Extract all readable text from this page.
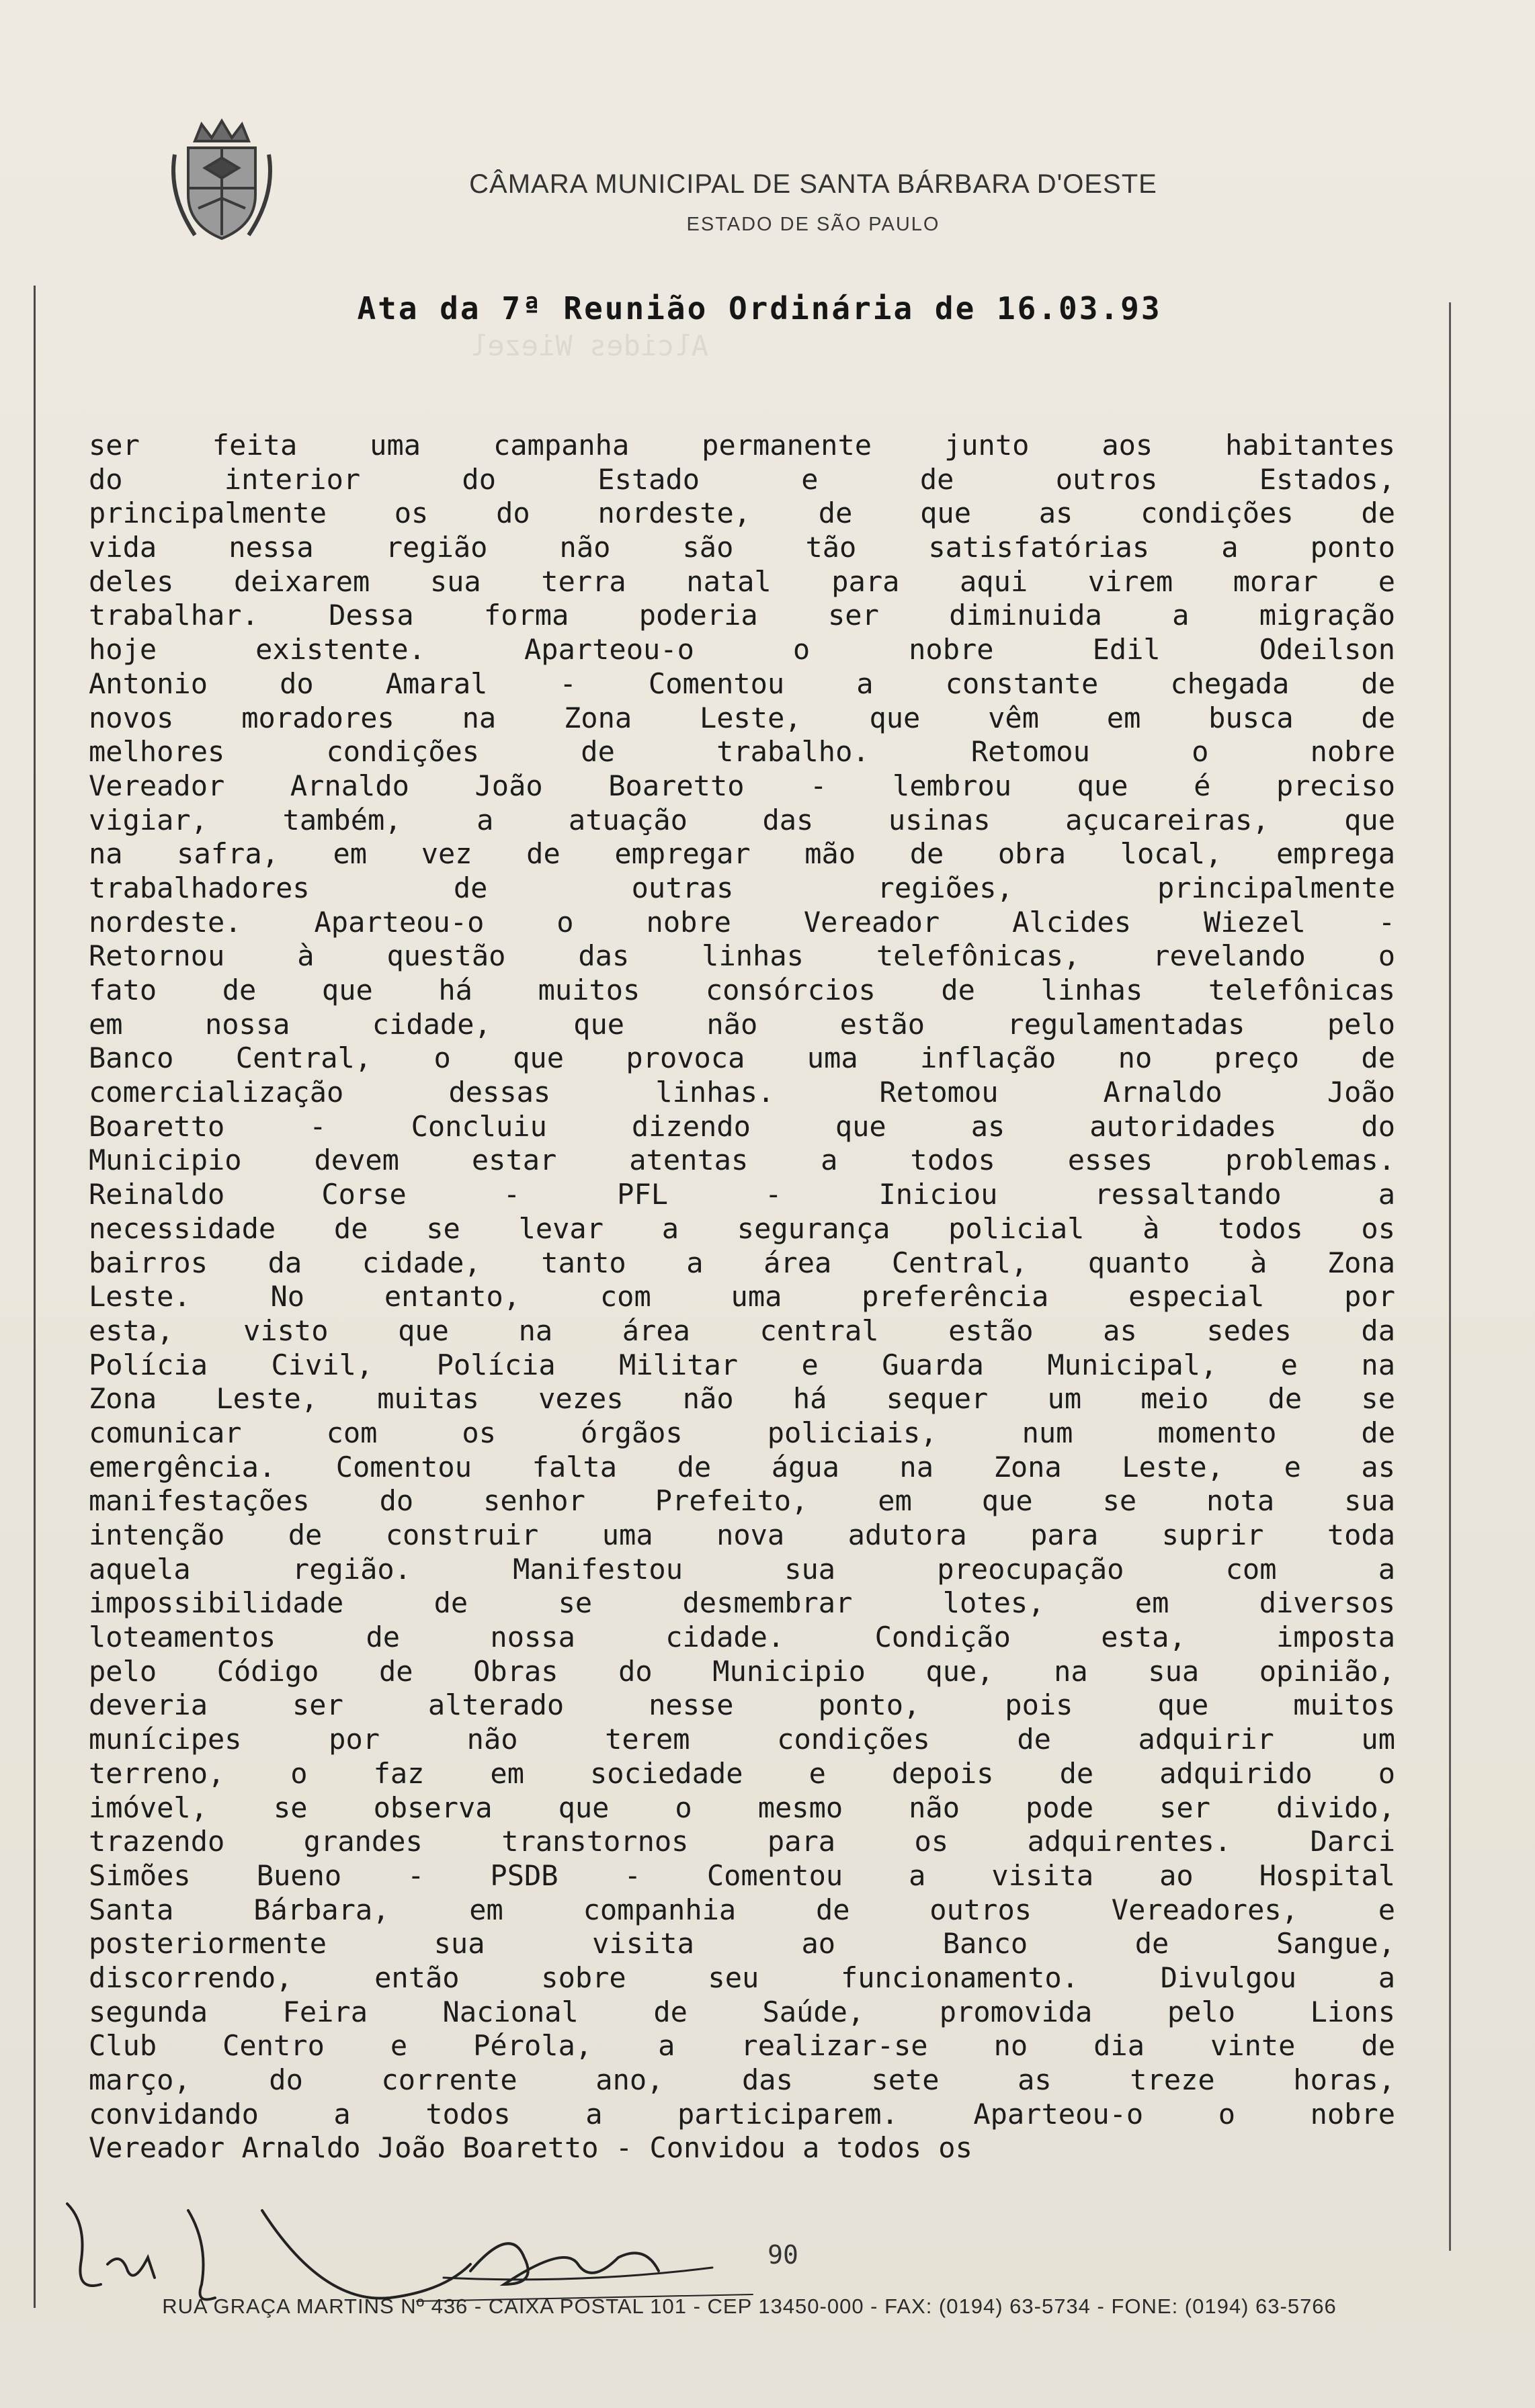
CÂMARA MUNICIPAL DE SANTA BÁRBARA D'OESTE
ESTADO DE SÃO PAULO
Ata da 7ª Reunião Ordinária de 16.03.93
Alcides Wiezel
ser feita uma campanha permanente junto aos habitantes
do interior do Estado e de outros Estados,
principalmente os do nordeste, de que as condições de
vida nessa região não são tão satisfatórias a ponto
deles deixarem sua terra natal para aqui virem morar e
trabalhar. Dessa forma poderia ser diminuida a migração
hoje existente. Aparteou-o o nobre Edil Odeilson
Antonio do Amaral - Comentou a constante chegada de
novos moradores na Zona Leste, que vêm em busca de
melhores condições de trabalho. Retomou o nobre
Vereador Arnaldo João Boaretto - lembrou que é preciso
vigiar, também, a atuação das usinas açucareiras, que
na safra, em vez de empregar mão de obra local, emprega
trabalhadores de outras regiões, principalmente
nordeste. Aparteou-o o nobre Vereador Alcides Wiezel -
Retornou à questão das linhas telefônicas, revelando o
fato de que há muitos consórcios de linhas telefônicas
em nossa cidade, que não estão regulamentadas pelo
Banco Central, o que provoca uma inflação no preço de
comercialização dessas linhas. Retomou Arnaldo João
Boaretto - Concluiu dizendo que as autoridades do
Municipio devem estar atentas a todos esses problemas.
Reinaldo Corse - PFL - Iniciou ressaltando a
necessidade de se levar a segurança policial à todos os
bairros da cidade, tanto a área Central, quanto à Zona
Leste. No entanto, com uma preferência especial por
esta, visto que na área central estão as sedes da
Polícia Civil, Polícia Militar e Guarda Municipal, e na
Zona Leste, muitas vezes não há sequer um meio de se
comunicar com os órgãos policiais, num momento de
emergência. Comentou falta de água na Zona Leste, e as
manifestações do senhor Prefeito, em que se nota sua
intenção de construir uma nova adutora para suprir toda
aquela região. Manifestou sua preocupação com a
impossibilidade de se desmembrar lotes, em diversos
loteamentos de nossa cidade. Condição esta, imposta
pelo Código de Obras do Municipio que, na sua opinião,
deveria ser alterado nesse ponto, pois que muitos
munícipes por não terem condições de adquirir um
terreno, o faz em sociedade e depois de adquirido o
imóvel, se observa que o mesmo não pode ser divido,
trazendo grandes transtornos para os adquirentes. Darci
Simões Bueno - PSDB - Comentou a visita ao Hospital
Santa Bárbara, em companhia de outros Vereadores, e
posteriormente sua visita ao Banco de Sangue,
discorrendo, então sobre seu funcionamento. Divulgou a
segunda Feira Nacional de Saúde, promovida pelo Lions
Club Centro e Pérola, a realizar-se no dia vinte de
março, do corrente ano, das sete as treze horas,
convidando a todos a participarem. Aparteou-o o nobre
Vereador Arnaldo João Boaretto - Convidou a todos os
90
RUA GRAÇA MARTINS Nº 436 - CAIXA POSTAL 101 - CEP 13450-000 - FAX: (0194) 63-5734 - FONE: (0194) 63-5766
